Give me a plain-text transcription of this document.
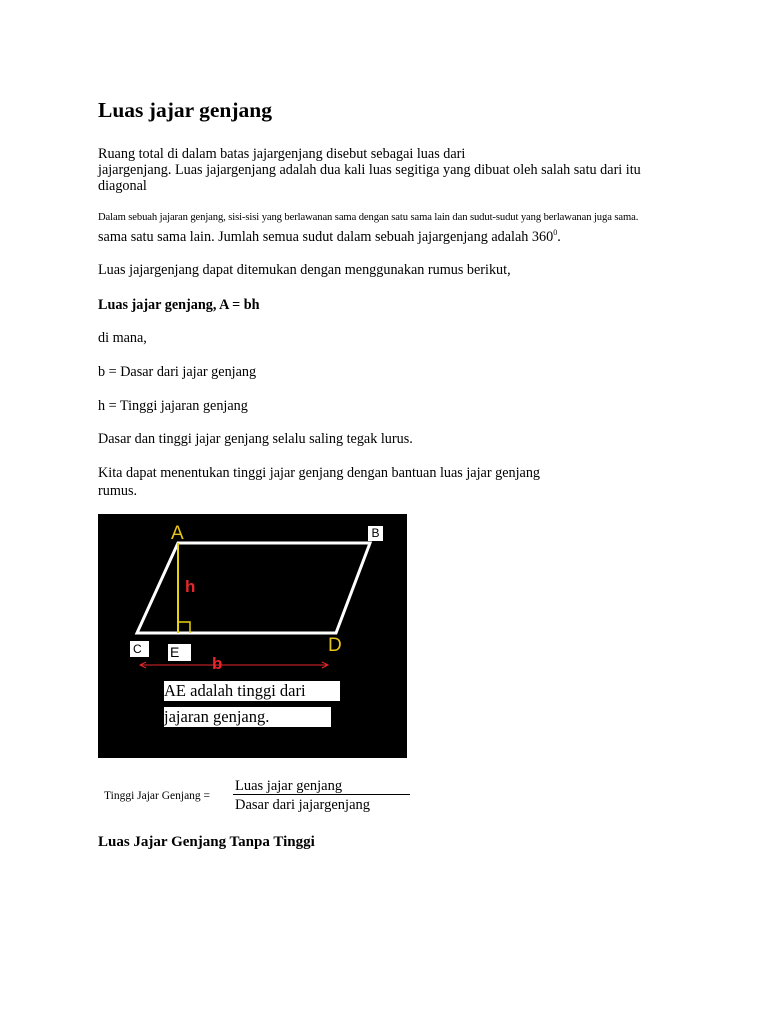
Luas jajar genjang

Ruang total di dalam batas jajargenjang disebut sebagai luas dari

jajargenjang. Luas jajargenjang adalah dua kali luas segitiga yang dibuat oleh salah satu dari itu

diagonal

Dalam sebuah jajaran genjang, sisi-sisi yang berlawanan sama dengan satu sama lain dan sudut-sudut yang berlawanan juga sama.

sama satu sama lain. Jumlah semua sudut dalam sebuah jajargenjang adalah $360^0$.

Luas jajargenjang dapat ditemukan dengan menggunakan rumus berikut,

Luas jajar genjang, A = bh

di mana,

b = Dasar dari jajar genjang

h = Tinggi jajaran genjang

Dasar dan tinggi jajar genjang selalu saling tegak lurus.

Kita dapat menentukan tinggi jajar genjang dengan bantuan luas jajar genjang

rumus.

A	B
C	D
E
h
b
AE adalah tinggi dari
jajaran genjang.
Tinggi Jajar Genjang =
Luas jajar genjang
Dasar dari jajargenjang
Luas Jajar Genjang Tanpa Tinggi
